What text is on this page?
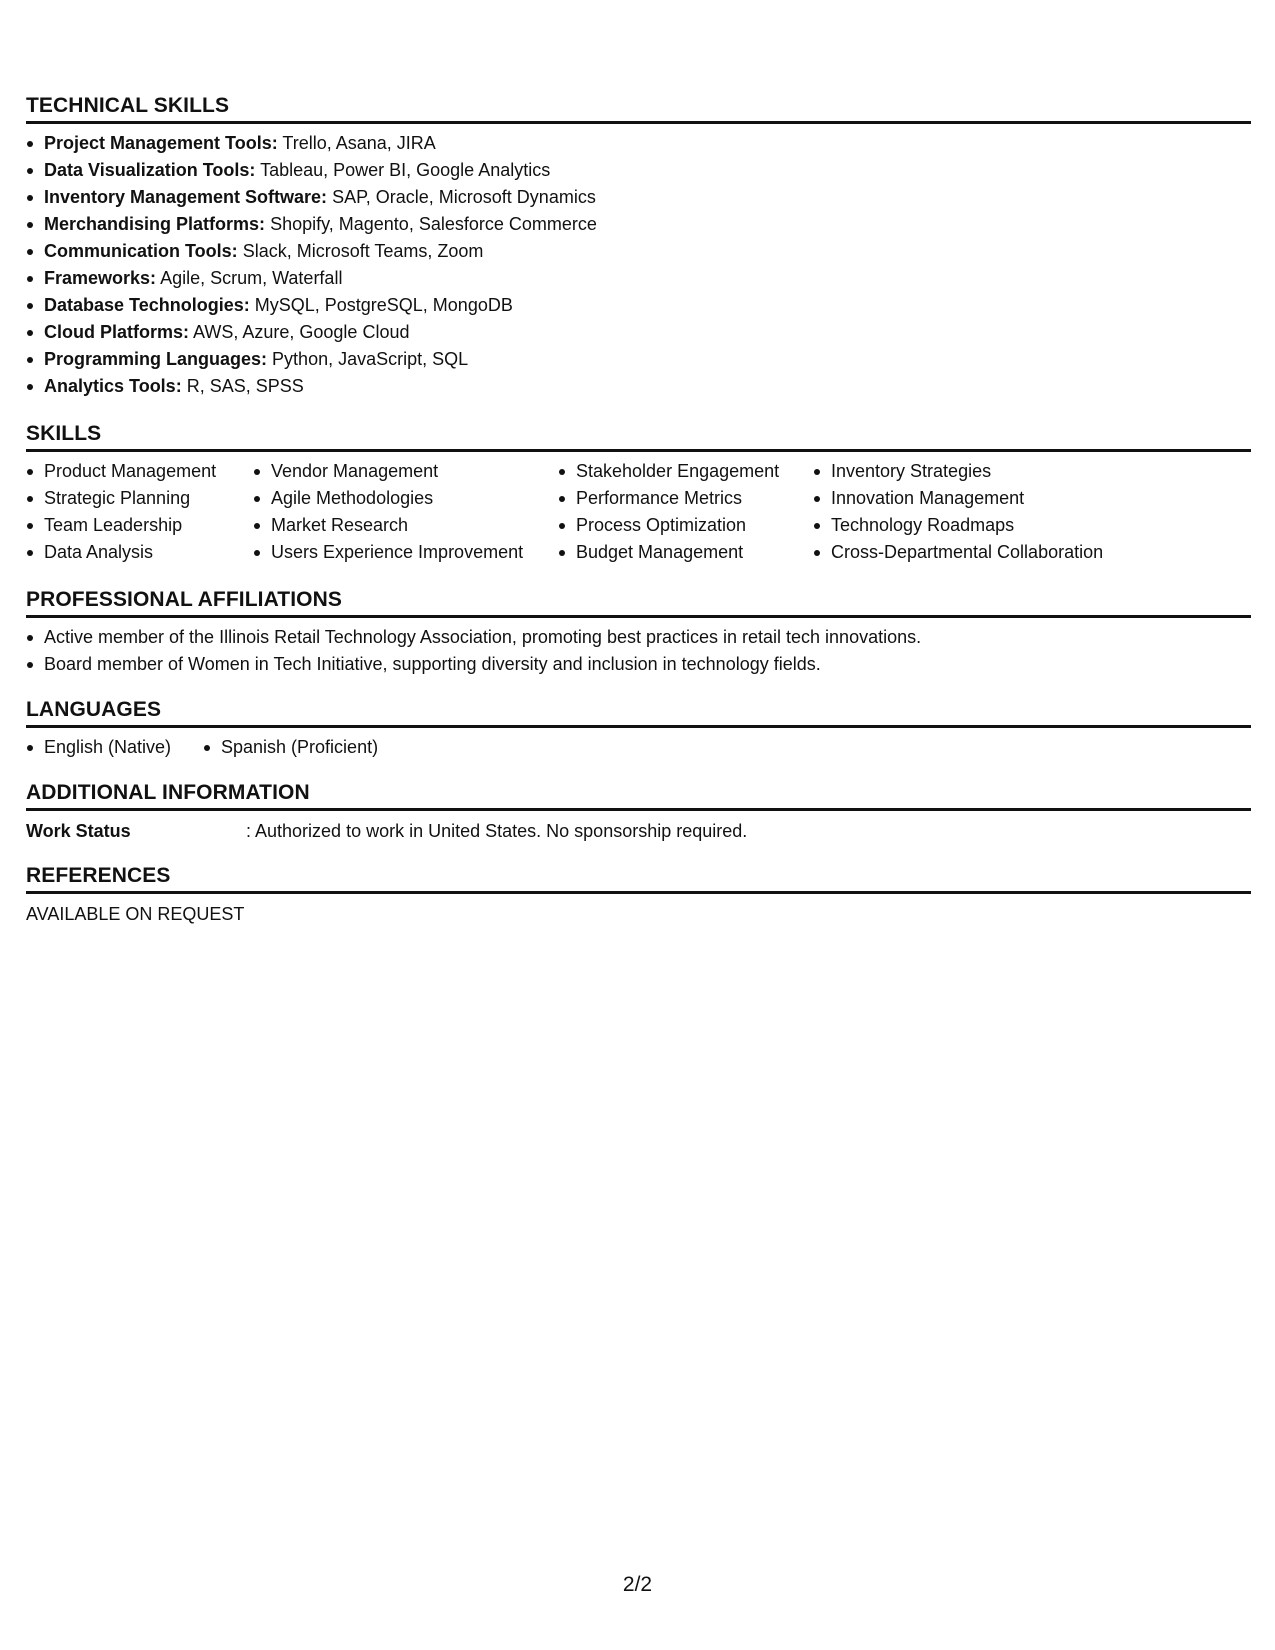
TECHNICAL SKILLS
Project Management Tools: Trello, Asana, JIRA
Data Visualization Tools: Tableau, Power BI, Google Analytics
Inventory Management Software: SAP, Oracle, Microsoft Dynamics
Merchandising Platforms: Shopify, Magento, Salesforce Commerce
Communication Tools: Slack, Microsoft Teams, Zoom
Frameworks: Agile, Scrum, Waterfall
Database Technologies: MySQL, PostgreSQL, MongoDB
Cloud Platforms: AWS, Azure, Google Cloud
Programming Languages: Python, JavaScript, SQL
Analytics Tools: R, SAS, SPSS
SKILLS
Product Management
Strategic Planning
Team Leadership
Data Analysis
Vendor Management
Agile Methodologies
Market Research
Users Experience Improvement
Stakeholder Engagement
Performance Metrics
Process Optimization
Budget Management
Inventory Strategies
Innovation Management
Technology Roadmaps
Cross-Departmental Collaboration
PROFESSIONAL AFFILIATIONS
Active member of the Illinois Retail Technology Association, promoting best practices in retail tech innovations.
Board member of Women in Tech Initiative, supporting diversity and inclusion in technology fields.
LANGUAGES
English (Native)	Spanish (Proficient)
ADDITIONAL INFORMATION
Work Status	: Authorized to work in United States. No sponsorship required.
REFERENCES
AVAILABLE ON REQUEST
2/2
